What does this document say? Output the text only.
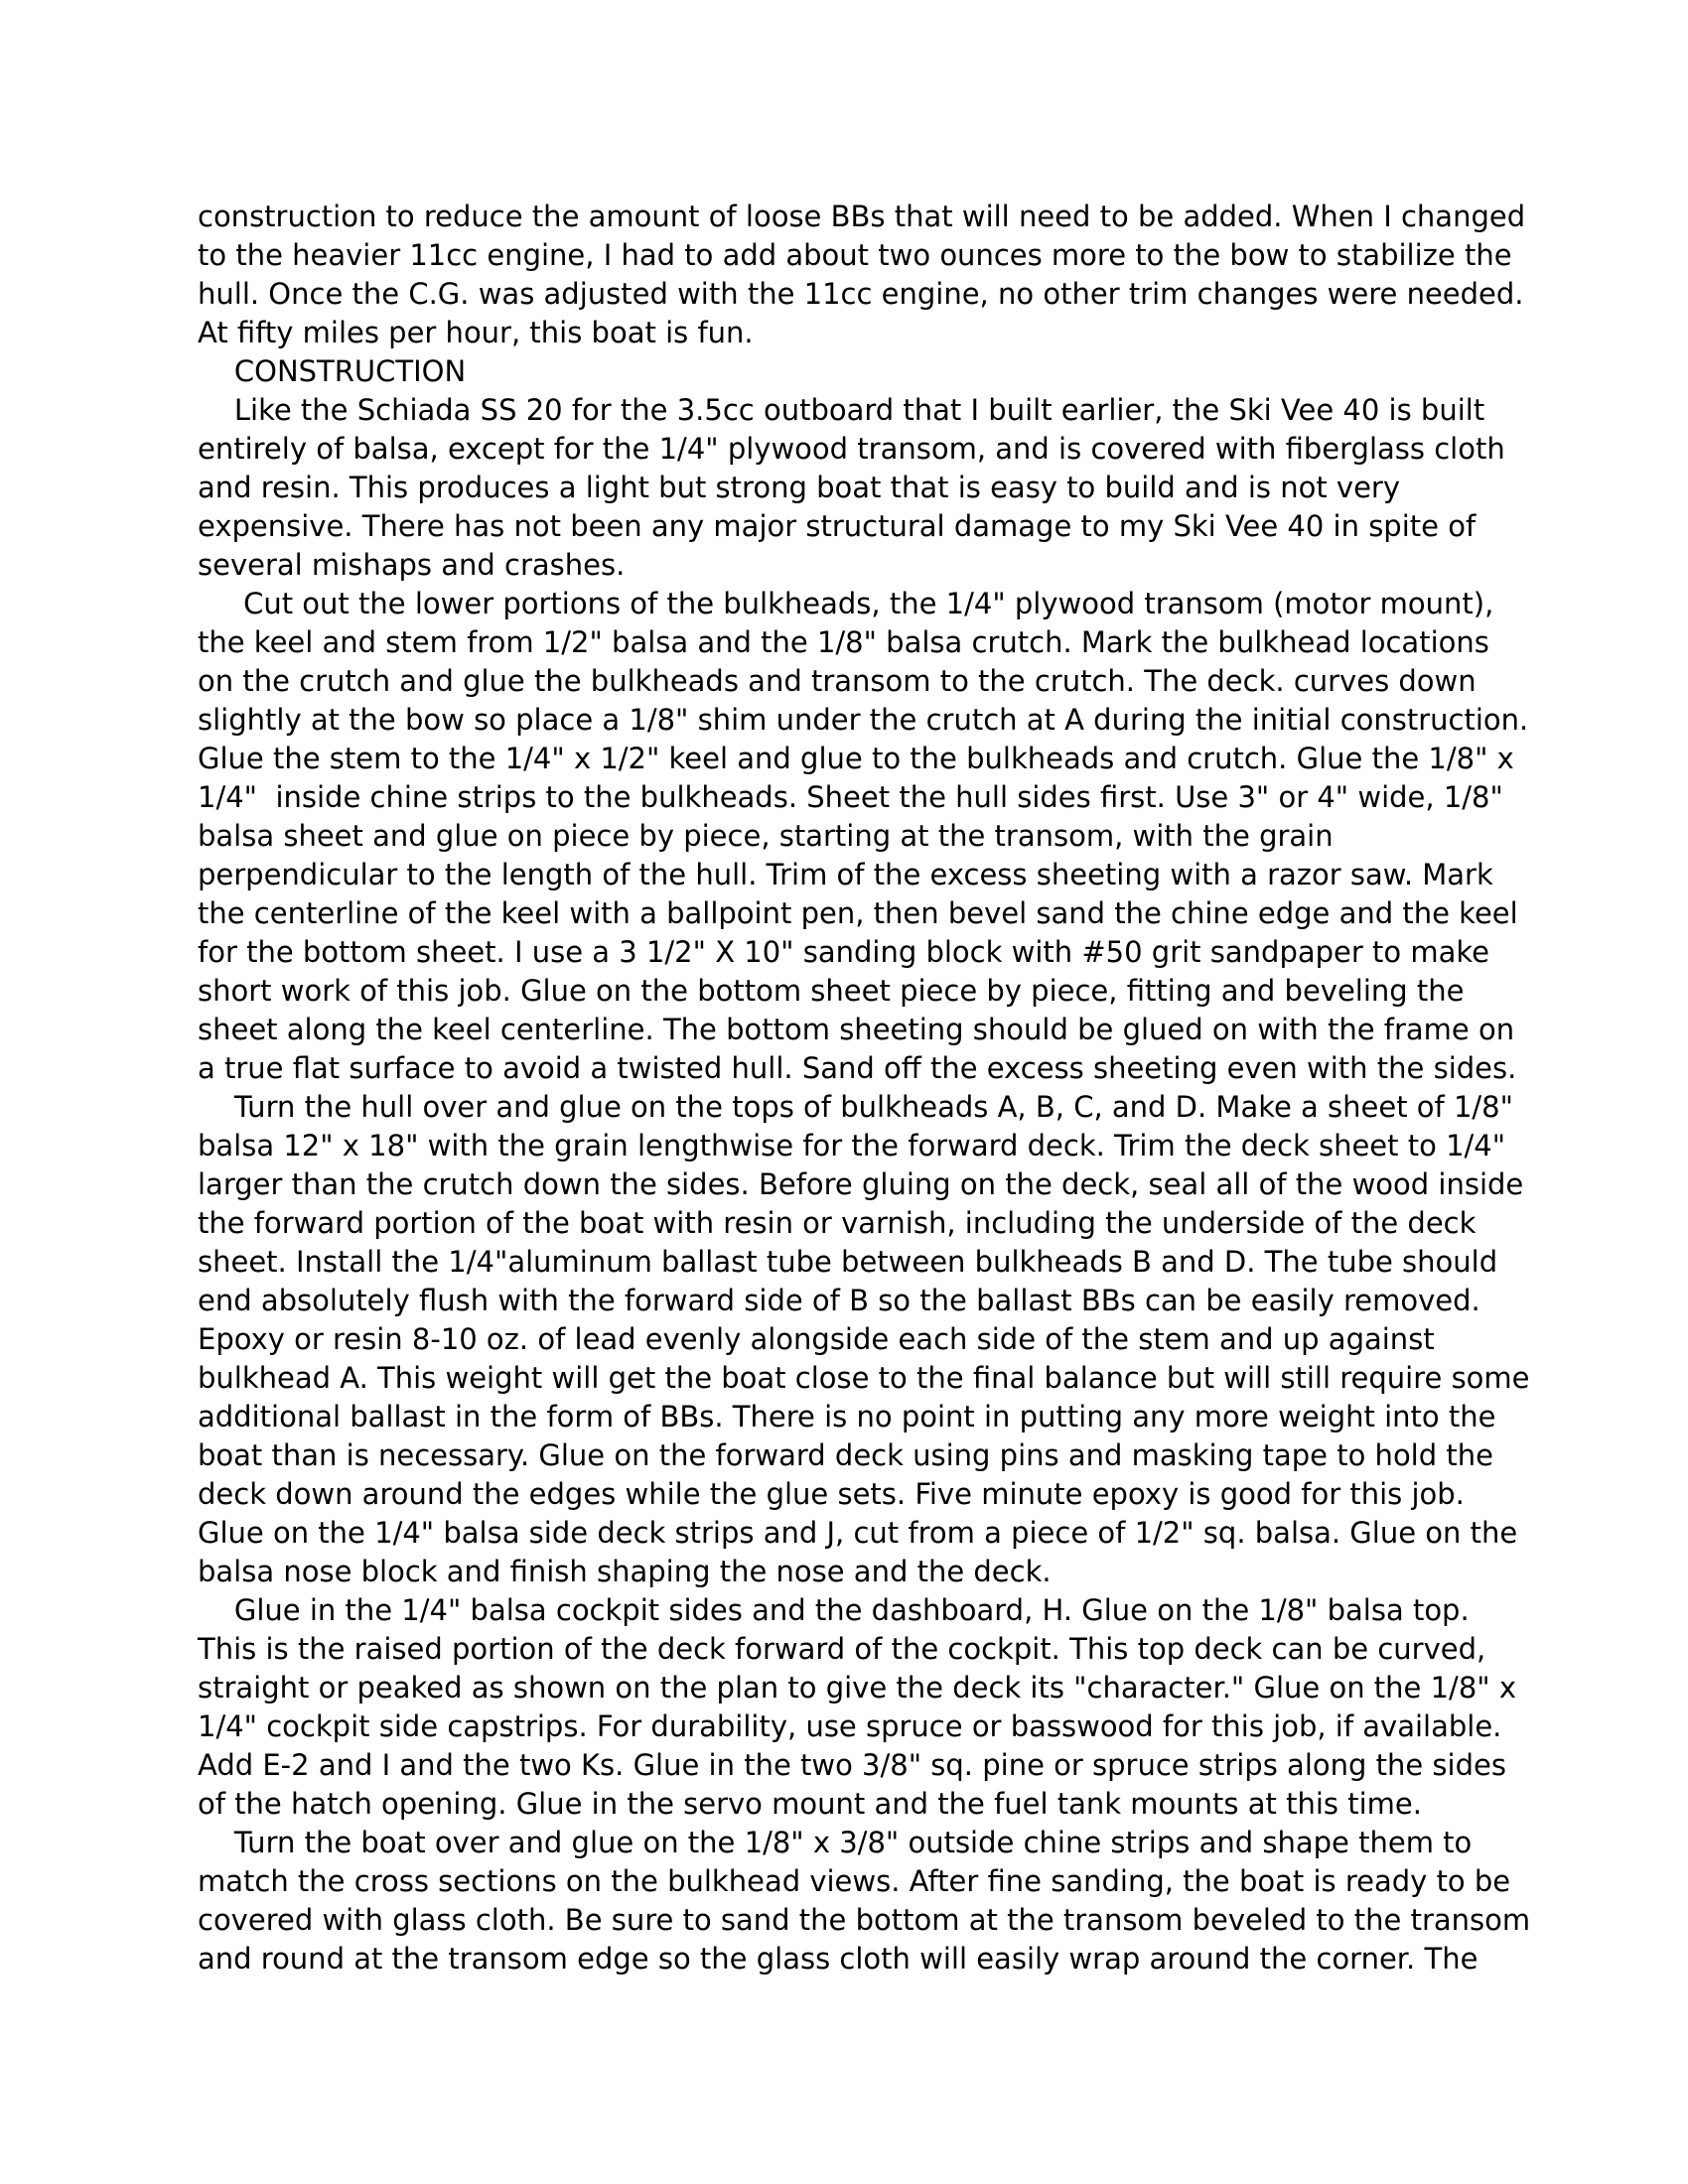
construction to reduce the amount of loose BBs that will need to be added. When I changed
to the heavier 11cc engine, I had to add about two ounces more to the bow to stabilize the
hull. Once the C.G. was adjusted with the 11cc engine, no other trim changes were needed.
At fifty miles per hour, this boat is fun.
CONSTRUCTION
Like the Schiada SS 20 for the 3.5cc outboard that I built earlier, the Ski Vee 40 is built
entirely of balsa, except for the 1/4" plywood transom, and is covered with fiberglass cloth
and resin. This produces a light but strong boat that is easy to build and is not very
expensive. There has not been any major structural damage to my Ski Vee 40 in spite of
several mishaps and crashes.
Cut out the lower portions of the bulkheads, the 1/4" plywood transom (motor mount),
the keel and stem from 1/2" balsa and the 1/8" balsa crutch. Mark the bulkhead locations
on the crutch and glue the bulkheads and transom to the crutch. The deck. curves down
slightly at the bow so place a 1/8" shim under the crutch at A during the initial construction.
Glue the stem to the 1/4" x 1/2" keel and glue to the bulkheads and crutch. Glue the 1/8" x
1/4"  inside chine strips to the bulkheads. Sheet the hull sides first. Use 3" or 4" wide, 1/8"
balsa sheet and glue on piece by piece, starting at the transom, with the grain
perpendicular to the length of the hull. Trim of the excess sheeting with a razor saw. Mark
the centerline of the keel with a ballpoint pen, then bevel sand the chine edge and the keel
for the bottom sheet. I use a 3 1/2" X 10" sanding block with #50 grit sandpaper to make
short work of this job. Glue on the bottom sheet piece by piece, fitting and beveling the
sheet along the keel centerline. The bottom sheeting should be glued on with the frame on
a true flat surface to avoid a twisted hull. Sand off the excess sheeting even with the sides.
Turn the hull over and glue on the tops of bulkheads A, B, C, and D. Make a sheet of 1/8"
balsa 12" x 18" with the grain lengthwise for the forward deck. Trim the deck sheet to 1/4"
larger than the crutch down the sides. Before gluing on the deck, seal all of the wood inside
the forward portion of the boat with resin or varnish, including the underside of the deck
sheet. Install the 1/4"aluminum ballast tube between bulkheads B and D. The tube should
end absolutely flush with the forward side of B so the ballast BBs can be easily removed.
Epoxy or resin 8-10 oz. of lead evenly alongside each side of the stem and up against
bulkhead A. This weight will get the boat close to the final balance but will still require some
additional ballast in the form of BBs. There is no point in putting any more weight into the
boat than is necessary. Glue on the forward deck using pins and masking tape to hold the
deck down around the edges while the glue sets. Five minute epoxy is good for this job.
Glue on the 1/4" balsa side deck strips and J, cut from a piece of 1/2" sq. balsa. Glue on the
balsa nose block and finish shaping the nose and the deck.
Glue in the 1/4" balsa cockpit sides and the dashboard, H. Glue on the 1/8" balsa top.
This is the raised portion of the deck forward of the cockpit. This top deck can be curved,
straight or peaked as shown on the plan to give the deck its "character." Glue on the 1/8" x
1/4" cockpit side capstrips. For durability, use spruce or basswood for this job, if available.
Add E-2 and I and the two Ks. Glue in the two 3/8" sq. pine or spruce strips along the sides
of the hatch opening. Glue in the servo mount and the fuel tank mounts at this time.
Turn the boat over and glue on the 1/8" x 3/8" outside chine strips and shape them to
match the cross sections on the bulkhead views. After fine sanding, the boat is ready to be
covered with glass cloth. Be sure to sand the bottom at the transom beveled to the transom
and round at the transom edge so the glass cloth will easily wrap around the corner. The
